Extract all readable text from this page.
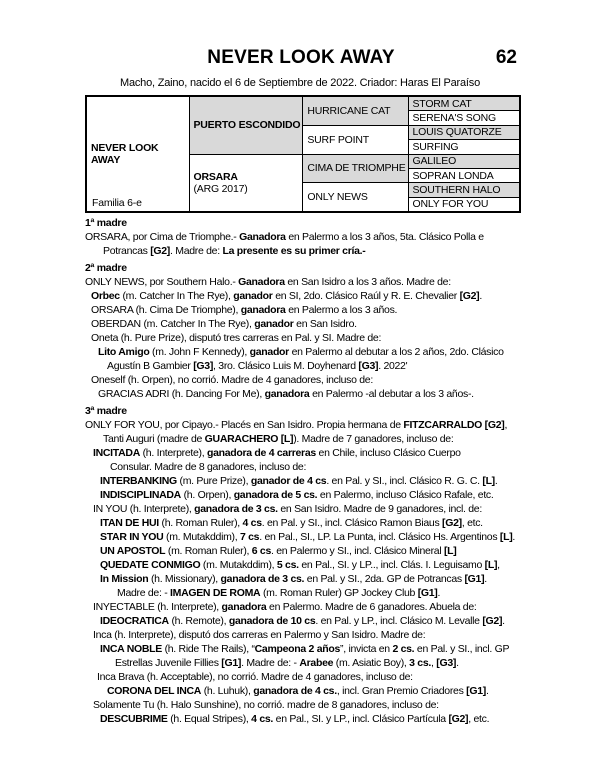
NEVER LOOK AWAY	62
Macho, Zaino, nacido el 6 de Septiembre de 2022. Criador: Haras El Paraíso
NEVER LOOK
AWAY
Familia 6-e	PUERTO ESCONDIDO	HURRICANE CAT	STORM CAT
			SERENA'S SONG
		SURF POINT	LOUIS QUATORZE
			SURFING

	ORSARA
(ARG 2017)	CIMA DE TRIOMPHE	GALILEO
			SOPRAN LONDA
		ONLY NEWS	SOUTHERN HALO
			ONLY FOR YOU
1ª madre
ORSARA, por Cima de Triomphe.- Ganadora en Palermo a los 3 años, 5ta. Clásico Polla e
Potrancas [G2]. Madre de: La presente es su primer cría.-
2ª madre
ONLY NEWS, por Southern Halo.- Ganadora en San Isidro a los 3 años. Madre de:
Orbec (m. Catcher In The Rye), ganador en SI, 2do. Clásico Raúl y R. E. Chevalier [G2].
ORSARA (h. Cima De Triomphe), ganadora en Palermo a los 3 años.
OBERDAN (m. Catcher In The Rye), ganador en San Isidro.
Oneta (h. Pure Prize), disputó tres carreras en Pal. y SI. Madre de:
Lito Amigo (m. John F Kennedy), ganador en Palermo al debutar a los 2 años, 2do. Clásico
Agustín B Gambier [G3], 3ro. Clásico Luis M. Doyhenard [G3]. 2022'
Oneself (h. Orpen), no corrió. Madre de 4 ganadores, incluso de:
GRACIAS ADRI (h. Dancing For Me), ganadora en Palermo -al debutar a los 3 años-.
3ª madre
ONLY FOR YOU, por Cipayo.- Placés en San Isidro. Propia hermana de FITZCARRALDO [G2],
Tanti Auguri (madre de GUARACHERO [L]). Madre de 7 ganadores, incluso de:
INCITADA (h. Interprete), ganadora de 4 carreras en Chile, incluso Clásico Cuerpo
Consular. Madre de 8 ganadores, incluso de:
INTERBANKING (m. Pure Prize), ganador de 4 cs. en Pal. y SI., incl. Clásico R. G. C. [L].
INDISCIPLINADA (h. Orpen), ganadora de 5 cs. en Palermo, incluso Clásico Rafale, etc.
IN YOU (h. Interprete), ganadora de 3 cs. en San Isidro. Madre de 9 ganadores, incl. de:
ITAN DE HUI (h. Roman Ruler), 4 cs. en Pal. y SI., incl. Clásico Ramon Biaus [G2], etc.
STAR IN YOU (m. Mutakddim), 7 cs. en Pal., SI., LP. La Punta, incl. Clásico Hs. Argentinos [L].
UN APOSTOL (m. Roman Ruler), 6 cs. en Palermo y SI., incl. Clásico Mineral [L]
QUEDATE CONMIGO (m. Mutakddim), 5 cs. en Pal., SI. y LP.., incl. Clás. I. Leguisamo [L],
In Mission (h. Missionary), ganadora de 3 cs. en Pal. y SI., 2da. GP de Potrancas [G1].
Madre de: - IMAGEN DE ROMA (m. Roman Ruler) GP Jockey Club [G1].
INYECTABLE (h. Interprete), ganadora en Palermo. Madre de 6 ganadores. Abuela de:
IDEOCRATICA (h. Remote), ganadora de 10 cs. en Pal. y LP., incl. Clásico M. Levalle [G2].
Inca (h. Interprete), disputó dos carreras en Palermo y San Isidro. Madre de:
INCA NOBLE (h. Ride The Rails), “Campeona 2 años”, invicta en 2 cs. en Pal. y SI., incl. GP
Estrellas Juvenile Fillies [G1]. Madre de: - Arabee (m. Asiatic Boy), 3 cs., [G3].
Inca Brava (h. Acceptable), no corrió. Madre de 4 ganadores, incluso de:
CORONA DEL INCA (h. Luhuk), ganadora de 4 cs., incl. Gran Premio Criadores [G1].
Solamente Tu (h. Halo Sunshine), no corrió. madre de 8 ganadores, incluso de:
DESCUBRIME (h. Equal Stripes), 4 cs. en Pal., SI. y LP., incl. Clásico Partícula [G2], etc.
